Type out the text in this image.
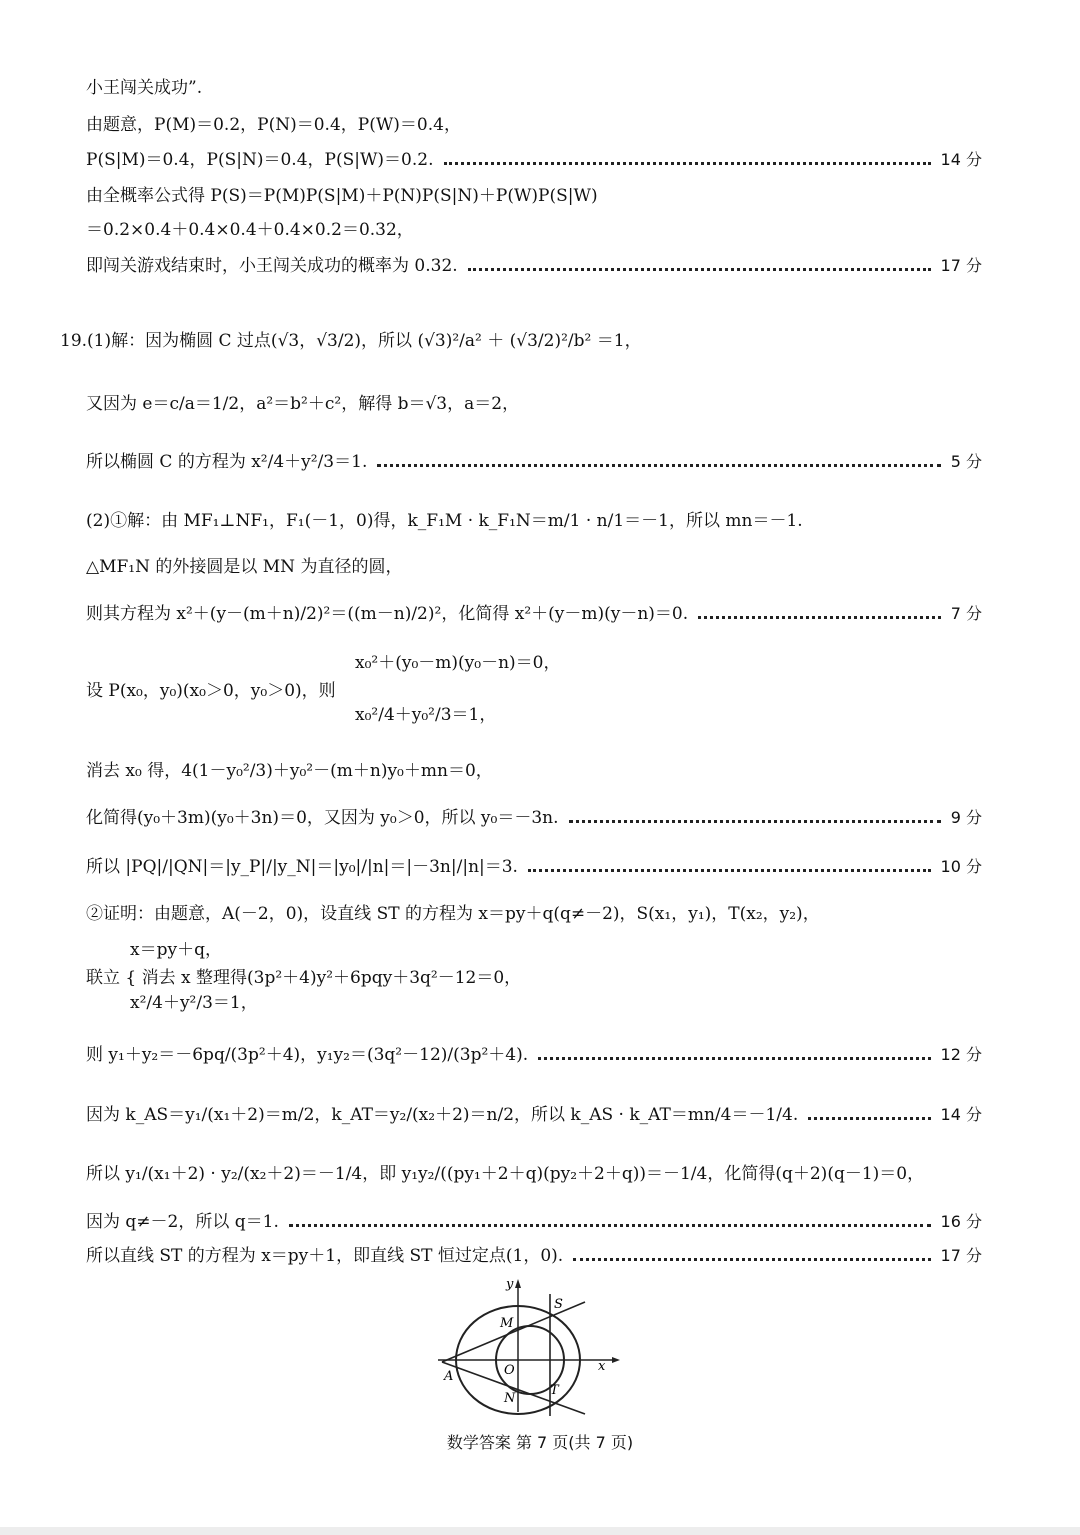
小王闯关成功”.
由题意，P(M)＝0.2，P(N)＝0.4，P(W)＝0.4，
P(S|M)＝0.4，P(S|N)＝0.4，P(S|W)＝0.2.	14 分
由全概率公式得 P(S)＝P(M)P(S|M)＋P(N)P(S|N)＋P(W)P(S|W)
＝0.2×0.4＋0.4×0.4＋0.4×0.2＝0.32，
即闯关游戏结束时，小王闯关成功的概率为 0.32.	17 分
19.(1)解：因为椭圆 C 过点(√3，√3/2)，所以 (√3)²/a² ＋ (√3/2)²/b² ＝1，
又因为 e＝c/a＝1/2，a²＝b²＋c²，解得 b＝√3，a＝2，
所以椭圆 C 的方程为 x²/4＋y²/3＝1.	5 分
(2)①解：由 MF₁⊥NF₁，F₁(－1，0)得，k_F₁M · k_F₁N＝m/1 · n/1＝－1，所以 mn＝－1.
△MF₁N 的外接圆是以 MN 为直径的圆，
则其方程为 x²＋(y－(m＋n)/2)²＝((m－n)/2)²，化简得 x²＋(y－m)(y－n)＝0.	7 分
x₀²＋(y₀－m)(y₀－n)＝0，
设 P(x₀，y₀)(x₀＞0，y₀＞0)，则
x₀²/4＋y₀²/3＝1，
消去 x₀ 得，4(1－y₀²/3)＋y₀²－(m＋n)y₀＋mn＝0，
化简得(y₀＋3m)(y₀＋3n)＝0，又因为 y₀＞0，所以 y₀＝－3n.	9 分
所以 |PQ|/|QN|＝|y_P|/|y_N|＝|y₀|/|n|＝|－3n|/|n|＝3.	10 分
②证明：由题意，A(－2，0)，设直线 ST 的方程为 x＝py＋q(q≠－2)，S(x₁，y₁)，T(x₂，y₂)，
x＝py＋q，
联立 { 消去 x 整理得(3p²＋4)y²＋6pqy＋3q²－12＝0，
x²/4＋y²/3＝1，
则 y₁＋y₂＝－6pq/(3p²＋4)，y₁y₂＝(3q²－12)/(3p²＋4).	12 分
因为 k_AS＝y₁/(x₁＋2)＝m/2，k_AT＝y₂/(x₂＋2)＝n/2，所以 k_AS · k_AT＝mn/4＝－1/4.	14 分
所以 y₁/(x₁＋2) · y₂/(x₂＋2)＝－1/4，即 y₁y₂/((py₁＋2＋q)(py₂＋2＋q))＝－1/4，化简得(q＋2)(q－1)＝0，
因为 q≠－2，所以 q＝1.	16 分
所以直线 ST 的方程为 x＝py＋1，即直线 ST 恒过定点(1，0).	17 分
y
x
S
M
O
A
N
T
数学答案 第 7 页(共 7 页)
